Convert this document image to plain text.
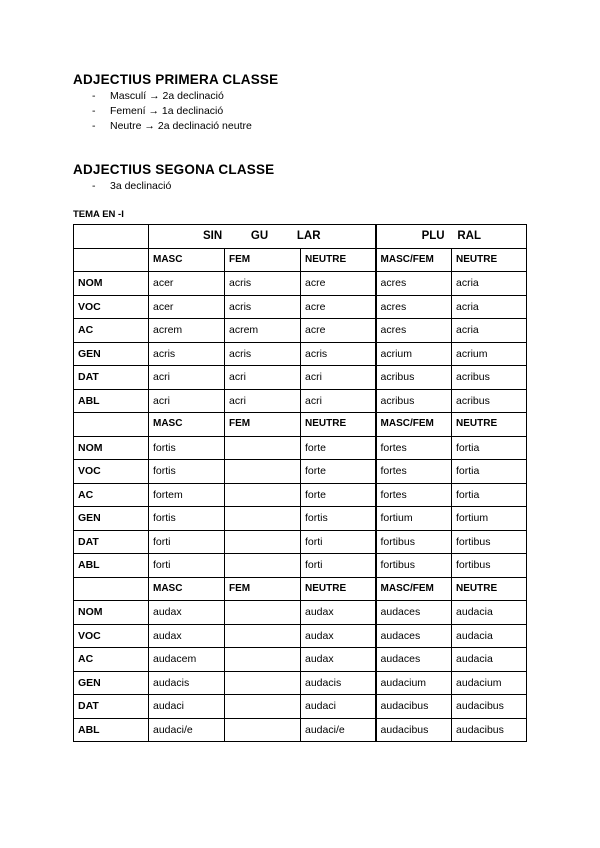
ADJECTIUS PRIMERA CLASSE
- Masculí → 2a declinació
- Femení → 1a declinació
- Neutre → 2a declinació neutre
ADJECTIUS SEGONA CLASSE
- 3a declinació
TEMA EN -I
	SIN         GU         LAR			PLU    RAL	
	MASC	FEM	NEUTRE	MASC/FEM	NEUTRE
NOM	acer	acris	acre	acres	acria
VOC	acer	acris	acre	acres	acria
AC	acrem	acrem	acre	acres	acria
GEN	acris	acris	acris	acrium	acrium
DAT	acri	acri	acri	acribus	acribus
ABL	acri	acri	acri	acribus	acribus
	MASC	FEM	NEUTRE	MASC/FEM	NEUTRE
NOM	fortis		forte	fortes	fortia
VOC	fortis		forte	fortes	fortia
AC	fortem		forte	fortes	fortia
GEN	fortis		fortis	fortium	fortium
DAT	forti		forti	fortibus	fortibus
ABL	forti		forti	fortibus	fortibus
	MASC	FEM	NEUTRE	MASC/FEM	NEUTRE
NOM	audax		audax	audaces	audacia
VOC	audax		audax	audaces	audacia
AC	audacem		audax	audaces	audacia
GEN	audacis		audacis	audacium	audacium
DAT	audaci		audaci	audacibus	audacibus
ABL	audaci/e		audaci/e	audacibus	audacibus
